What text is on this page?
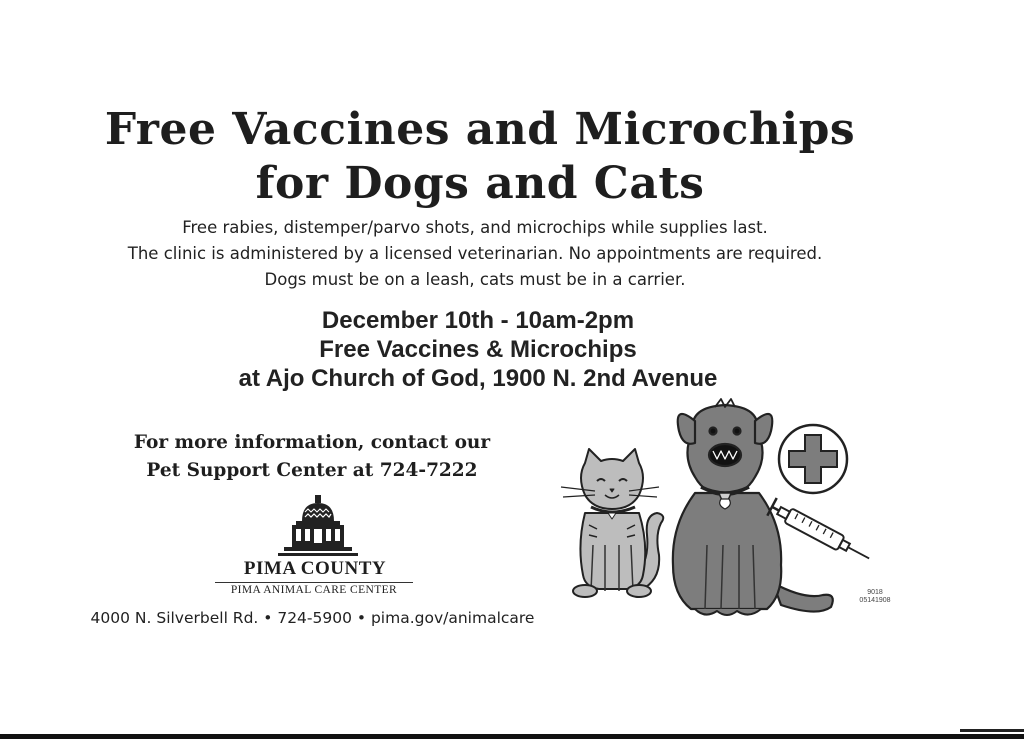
Free Vaccines and Microchips
for Dogs and Cats
Free rabies, distemper/parvo shots, and microchips while supplies last.
The clinic is administered by a licensed veterinarian. No appointments are required.
Dogs must be on a leash, cats must be in a carrier.
December 10th - 10am-2pm
Free Vaccines & Microchips
at Ajo Church of God, 1900 N. 2nd Avenue
For more information, contact our
Pet Support Center at 724-7222
PIMA COUNTY
PIMA ANIMAL CARE CENTER
4000 N. Silverbell Rd. • 724-5900 • pima.gov/animalcare
9018
05141908
